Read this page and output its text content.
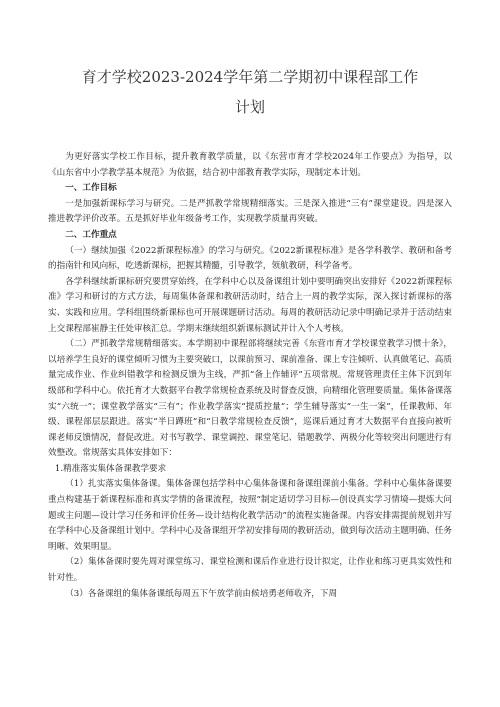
育才学校2023-2024学年第二学期初中课程部工作
计划

为更好落实学校工作目标，提升教育教学质量，以《东营市育才学校2024年工作要点》为指导，以《山东省中小学教学基本规范》为依据，结合初中部教育教学实际，现制定本计划。

一、工作目标

一是加强新课标学习与研究。二是严抓教学常规精细落实。三是深入推进“三有”课堂建设。四是深入推进教学评价改革。五是抓好毕业年级备考工作，实现教学质量再突破。

二、工作重点

（一）继续加强《2022新课程标准》的学习与研究。《2022新课程标准》是各学科教学、教研和备考的指南针和风向标，吃透新课标，把握其精髓，引导教学，领航教研，科学备考。

各学科继续新课标研究要贯穿始终，在学科中心以及备课组计划中要明确突出安排好《2022新课程标准》学习和研讨的方式方法，每周集体备课和教研活动时，结合上一周的教学实际，深入探讨新课标的落实、实践和应用。学科组围绕新课标也可开展课题研讨活动。每周的教研活动记录中明确记录并于活动结束上交课程部崔静主任处审核汇总。学期末继续组织新课标测试并计入个人考核。

（二）严抓教学常规精细落实。本学期初中课程部将继续完善《东营市育才学校课堂教学习惯十条》，以培养学生良好的课堂倾听习惯为主要突破口，以课前预习、课前准备、课上专注倾听、认真做笔记、高质量完成作业、作业纠错教学和检测反馈为主线，严抓“备上作辅评”五项常规。常规管理责任主体下沉到年级部和学科中心。依托育才大数据平台教学常规检查系统及时督查反馈，向精细化管理要质量。集体备课落实“六统一”；课堂教学落实“三有”；作业教学落实“提质控量”；学生辅导落实“一生一案”，任课教师、年级、课程部层层跟进。落实“半日蹲班”和“日教学常规检查反馈”，巡课后通过育才大数据平台直接向被听课老师反馈情况，督促改进。对书写教学、课堂调控、课堂笔记、错题教学、两极分化等较突出问题进行有效整改。常规落实具体安排如下：

1.精准落实集体备课教学要求

（1）扎实落实集体备课。集体备课包括学科中心集体备课和备课组课前小集备。学科中心集体备课要重点构建基于新课程标准和真实学情的备课流程，按照“制定适切学习目标—创设真实学习情境—提炼大问题或主问题—设计学习任务和评价任务—设计结构化教学活动”的流程实施备课。内容安排需提前规划并写在学科中心及备课组计划中。学科中心及备课组开学初安排每周的教研活动，做到每次活动主题明确、任务明晰、效果明显。

（2）集体备课时要先周对课堂练习、课堂检测和课后作业进行设计拟定，让作业和练习更具实效性和针对性。

（3）各备课组的集体备课纸每周五下午放学前由候培勇老师收齐，下周
